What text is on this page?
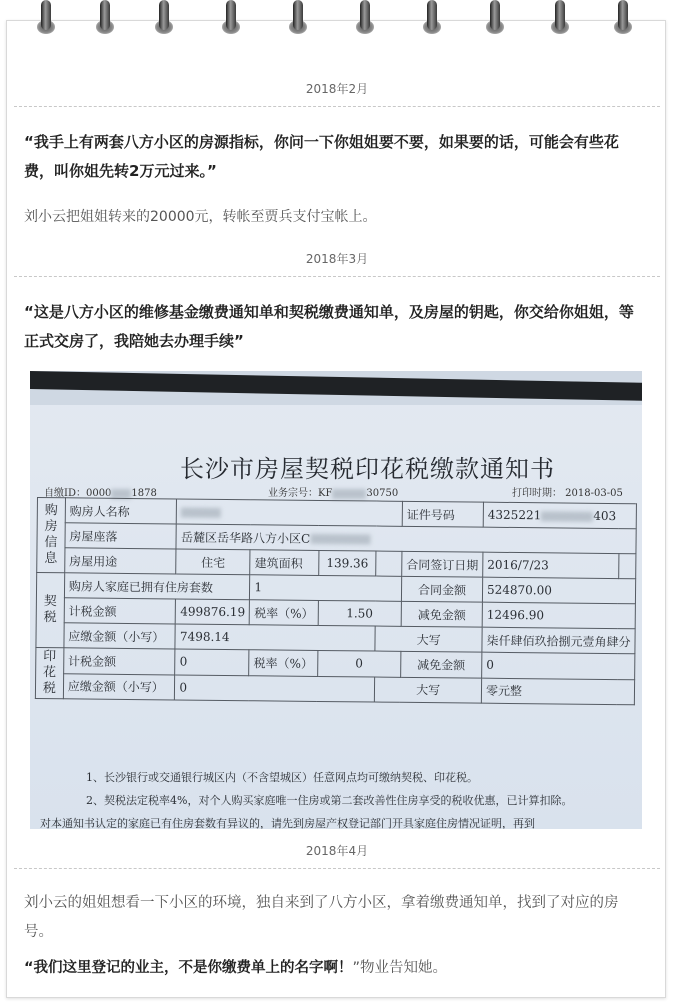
2018年2月
“我手上有两套八方小区的房源指标，你问一下你姐姐要不要，如果要的话，可能会有些花费，叫你姐先转2万元过来。”
刘小云把姐姐转来的20000元，转帐至贾兵支付宝帐上。
2018年3月
“这是八方小区的维修基金缴费通知单和契税缴费通知单，及房屋的钥匙，你交给你姐姐，等正式交房了，我陪她去办理手续”
长沙市房屋契税印花税缴款通知书
自缴ID：0000 1878	业务宗号：KF	30750	打印时期： 2018-03-05
购房信息	购房人名称					证件号码	4325221 403	
	房屋座落	岳麓区岳华路八方小区C						
	房屋用途	住宅	建筑面积	139.36		合同签订日期	2016/7/23	
契税	购房人家庭已拥有住房套数		1			合同金额	524870.00	
	计税金额	499876.19	税率（%）	1.50		减免金额	12496.90	
	应缴金额（小写）	7498.14			大写		柒仟肆佰玖拾捌元壹角肆分	
印花税	计税金额	0	税率（%）	0		减免金额	0	
	应缴金额（小写）	0			大写		零元整	
1、长沙银行或交通银行城区内（不含望城区）任意网点均可缴纳契税、印花税。
2、契税法定税率4%，对个人购买家庭唯一住房或第二套改善性住房享受的税收优惠，已计算扣除。
对本通知书认定的家庭已有住房套数有异议的，请先到房屋产权登记部门开具家庭住房情况证明，再到
2018年4月
刘小云的姐姐想看一下小区的环境，独自来到了八方小区，拿着缴费通知单，找到了对应的房号。
“我们这里登记的业主，不是你缴费单上的名字啊！”物业告知她。
